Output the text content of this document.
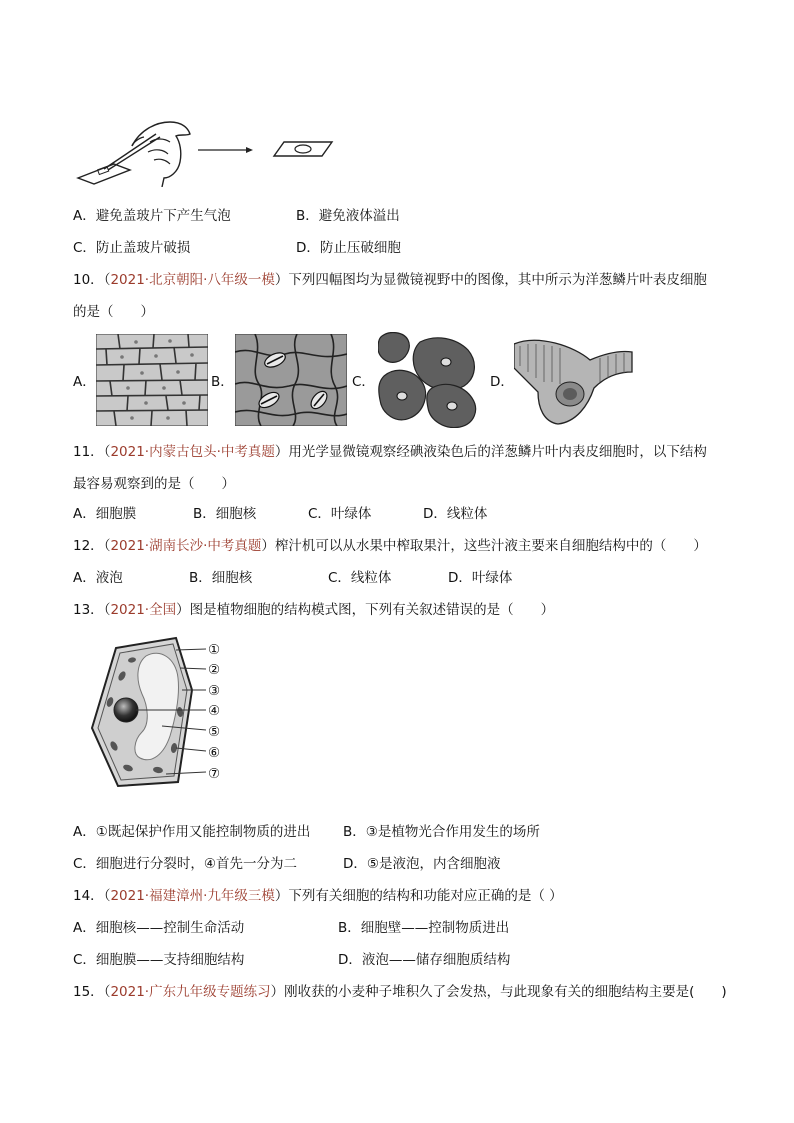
A．避免盖玻片下产生气泡	B．避免液体溢出
C．防止盖玻片破损	D．防止压破细胞
10．（2021·北京朝阳·八年级一模）下列四幅图均为显微镜视野中的图像，其中所示为洋葱鳞片叶表皮细胞
的是（　　）
A．	B．	C．	D．
11．（2021·内蒙古包头·中考真题）用光学显微镜观察经碘液染色后的洋葱鳞片叶内表皮细胞时，以下结构
最容易观察到的是（　　）
A．细胞膜	B．细胞核	C．叶绿体	D．线粒体
12．（2021·湖南长沙·中考真题）榨汁机可以从水果中榨取果汁，这些汁液主要来自细胞结构中的（　　）
A．液泡	B．细胞核	C．线粒体	D．叶绿体
13．（2021·全国）图是植物细胞的结构模式图，下列有关叙述错误的是（　　）
①
②
③
④
⑤
⑥
⑦
A．①既起保护作用又能控制物质的进出 B．③是植物光合作用发生的场所
C．细胞进行分裂时，④首先一分为二	D．⑤是液泡，内含细胞液
14．（2021·福建漳州·九年级三模）下列有关细胞的结构和功能对应正确的是（ ）
A．细胞核——控制生命活动	B．细胞壁——控制物质进出
C．细胞膜——支持细胞结构	D．液泡——储存细胞质结构
15．（2021·广东九年级专题练习）刚收获的小麦种子堆积久了会发热，与此现象有关的细胞结构主要是(　　)
